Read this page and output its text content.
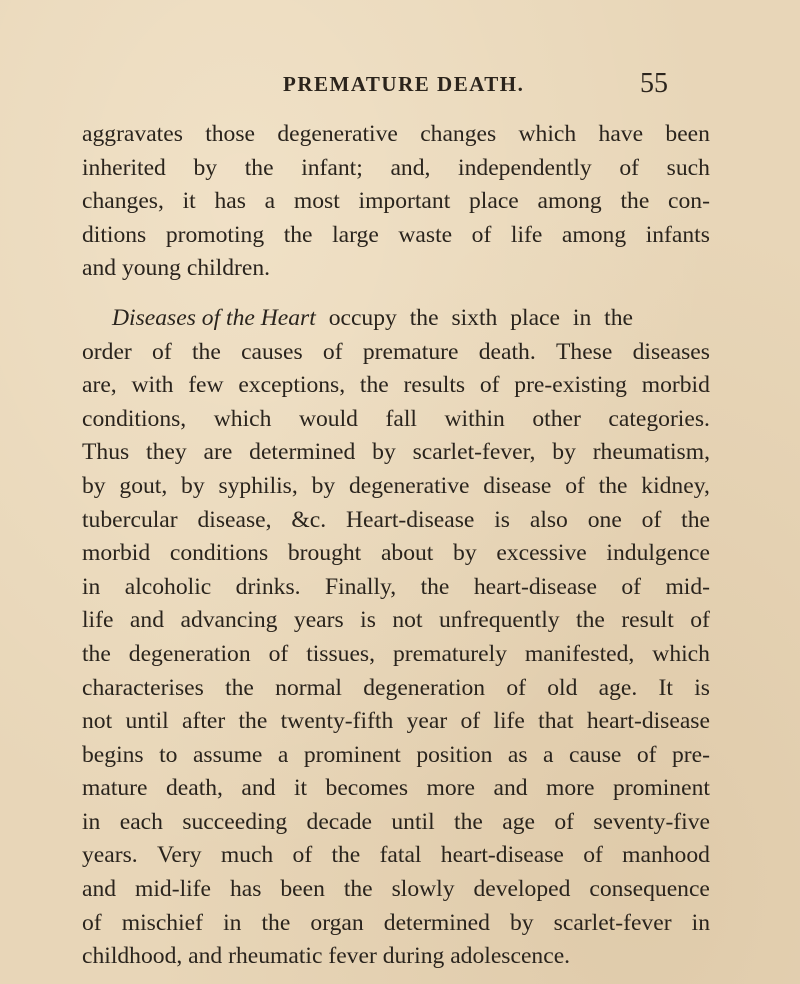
PREMATURE DEATH.	55
aggravates those degenerative changes which have been
inherited by the infant; and, independently of such
changes, it has a most important place among the con-
ditions promoting the large waste of life among infants
and young children.
Diseases of the Heart occupy the sixth place in the
order of the causes of premature death. These diseases
are, with few exceptions, the results of pre-existing morbid
conditions, which would fall within other categories.
Thus they are determined by scarlet-fever, by rheumatism,
by gout, by syphilis, by degenerative disease of the kidney,
tubercular disease, &c. Heart-disease is also one of the
morbid conditions brought about by excessive indulgence
in alcoholic drinks. Finally, the heart-disease of mid-
life and advancing years is not unfrequently the result of
the degeneration of tissues, prematurely manifested, which
characterises the normal degeneration of old age. It is
not until after the twenty-fifth year of life that heart-disease
begins to assume a prominent position as a cause of pre-
mature death, and it becomes more and more prominent
in each succeeding decade until the age of seventy-five
years. Very much of the fatal heart-disease of manhood
and mid-life has been the slowly developed consequence
of mischief in the organ determined by scarlet-fever in
childhood, and rheumatic fever during adolescence.
